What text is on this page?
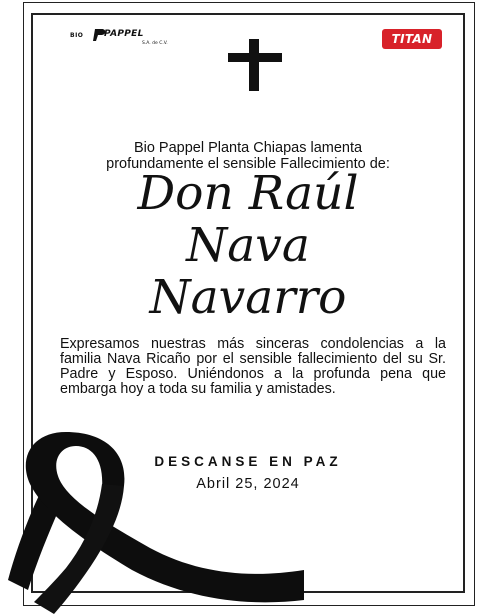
BIO PAPPEL
S.A. de C.V.	TITAN
Bio Pappel Planta Chiapas lamenta
profundamente el sensible Fallecimiento de:
Don Raúl
Nava
Navarro
Expresamos nuestras más sinceras condolencias a la familia Nava Ricaño por el sensible fallecimiento del su Sr. Padre y Esposo. Uniéndonos a la profunda pena que embarga hoy a toda su familia y amistades.
DESCANSE EN PAZ
Abril 25, 2024
